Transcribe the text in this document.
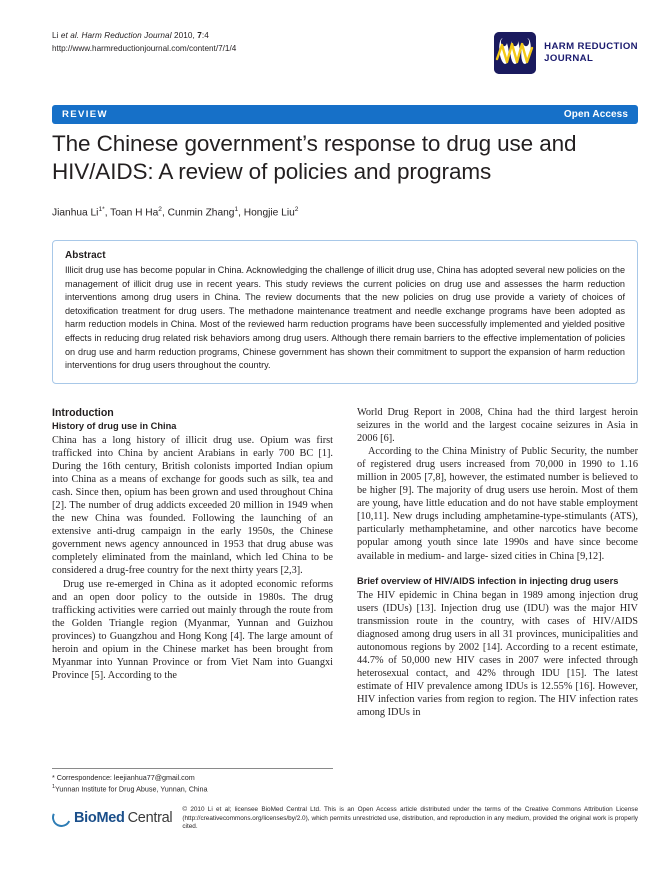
Li et al. Harm Reduction Journal 2010, 7:4
http://www.harmreductionjournal.com/content/7/1/4	HARM REDUCTION
JOURNAL
REVIEW	Open Access
The Chinese government’s response to drug use and HIV/AIDS: A review of policies and programs
Jianhua $Li^{1*}$, Toan H Ha$^2$, Cunmin Zhang$^1$, Hongjie Liu$^2$
Abstract
Illicit drug use has become popular in China. Acknowledging the challenge of illicit drug use, China has adopted several new policies on the management of illicit drug use in recent years. This study reviews the current policies on drug use and assesses the harm reduction interventions among drug users in China. The review documents that the new policies on drug use provide a variety of choices of detoxification treatment for drug users. The methadone maintenance treatment and needle exchange programs have been adopted as harm reduction models in China. Most of the reviewed harm reduction programs have been successfully implemented and yielded positive effects in reducing drug related risk behaviors among drug users. Although there remain barriers to the effective implementation of policies on drug use and harm reduction programs, Chinese government has shown their commitment to support the expansion of harm reduction interventions for drug users throughout the country.
Introduction
History of drug use in China

China has a long history of illicit drug use. Opium was first trafficked into China by ancient Arabians in early 700 BC [1]. During the 16th century, British colonists imported Indian opium into China as a means of exchange for goods such as silk, tea and cash. Since then, opium has been grown and used throughout China [2]. The number of drug addicts exceeded 20 million in 1949 when the new China was founded. Following the launching of an extensive anti-drug campaign in the early 1950s, the Chinese government news agency announced in 1953 that drug abuse was completely eliminated from the mainland, which led China to be considered a drug-free country for the next thirty years [2,3].

Drug use re-emerged in China as it adopted economic reforms and an open door policy to the outside in 1980s. The drug trafficking activities were carried out mainly through the route from the Golden Triangle region (Myanmar, Yunnan and Guizhou provinces) to Guangzhou and Hong Kong [4]. The large amount of heroin and opium in the Chinese market has been brought from Myanmar into Yunnan Province or from Viet Nam into Guangxi Province [5]. According to the

World Drug Report in 2008, China had the third largest heroin seizures in the world and the largest cocaine seizures in Asia in 2006 [6].

According to the China Ministry of Public Security, the number of registered drug users increased from 70,000 in 1990 to 1.16 million in 2005 [7,8], however, the estimated number is believed to be higher [9]. The majority of drug users use heroin. Most of them are young, have little education and do not have stable employment [10,11]. New drugs including amphetamine-type-stimulants (ATS), particularly methamphetamine, and other narcotics have become popular among youth since late 1990s and have since become available in medium- and large- sized cities in China [9,12].

Brief overview of HIV/AIDS infection in injecting drug users

The HIV epidemic in China began in 1989 among injection drug users (IDUs) [13]. Injection drug use (IDU) was the major HIV transmission route in the country, with cases of HIV/AIDS diagnosed among drug users in all 31 provinces, municipalities and autonomous regions by 2002 [14]. According to a recent estimate, 44.7% of 50,000 new HIV cases in 2007 were infected through heterosexual contact, and 42% through IDU [15]. The latest estimate of HIV prevalence among IDUs is 12.55% [16]. However, HIV infection varies from region to region. The HIV infection rates among IDUs in

* Correspondence: leejianhua77@gmail.com
$^1$Yunnan Institute for Drug Abuse, Yunnan, China
BioMed Central © 2010 Li et al; licensee BioMed Central Ltd. This is an Open Access article distributed under the terms of the Creative Commons Attribution License (http://creativecommons.org/licenses/by/2.0), which permits unrestricted use, distribution, and reproduction in any medium, provided the original work is properly cited.
